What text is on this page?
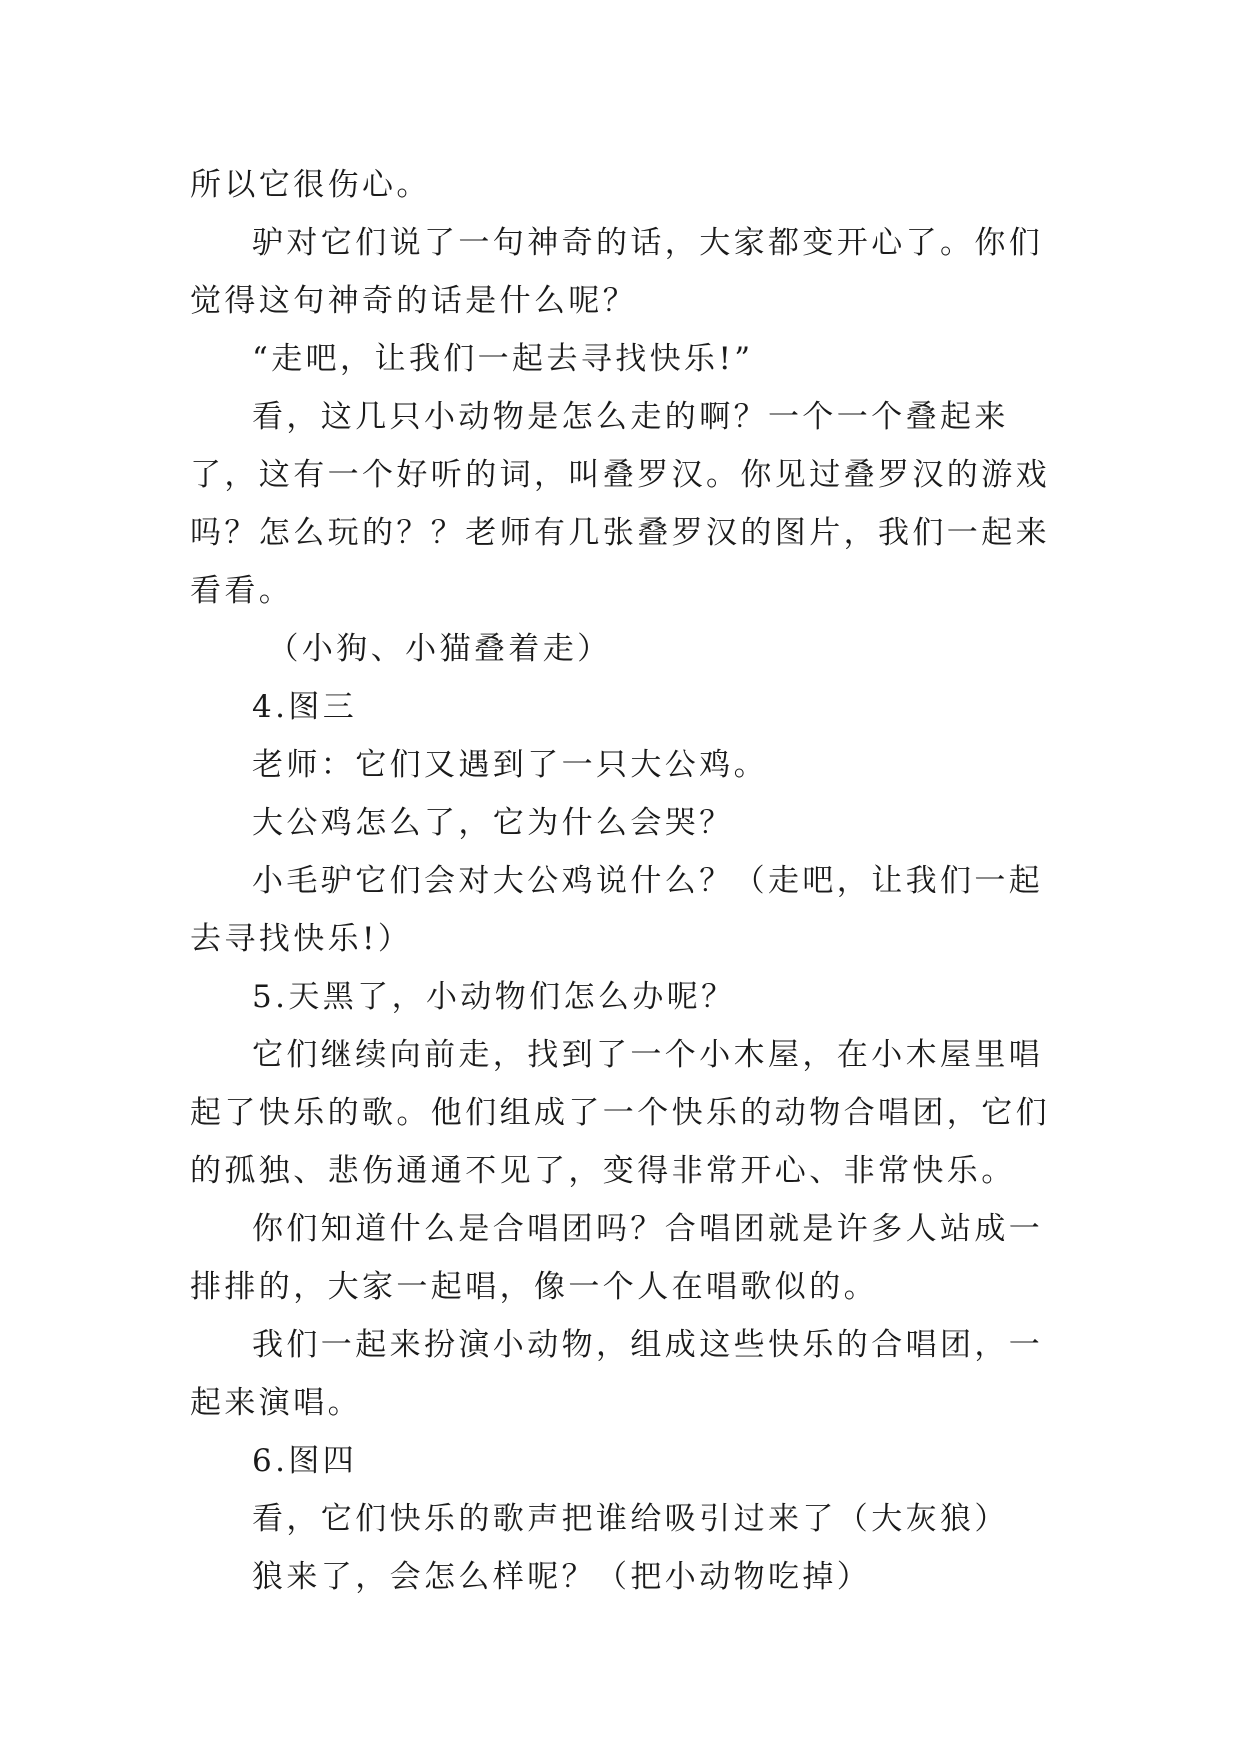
所以它很伤心。

驴对它们说了一句神奇的话，大家都变开心了。你们觉得这句神奇的话是什么呢？

“走吧，让我们一起去寻找快乐!”

看，这几只小动物是怎么走的啊？一个一个叠起来了，这有一个好听的词，叫叠罗汉。你见过叠罗汉的游戏吗？怎么玩的？？老师有几张叠罗汉的图片，我们一起来看看。

（小狗、小猫叠着走）

4.图三

老师：它们又遇到了一只大公鸡。

大公鸡怎么了，它为什么会哭？

小毛驴它们会对大公鸡说什么？（走吧，让我们一起去寻找快乐!）

5.天黑了，小动物们怎么办呢？

它们继续向前走，找到了一个小木屋，在小木屋里唱起了快乐的歌。他们组成了一个快乐的动物合唱团，它们的孤独、悲伤通通不见了，变得非常开心、非常快乐。

你们知道什么是合唱团吗？合唱团就是许多人站成一排排的，大家一起唱，像一个人在唱歌似的。

我们一起来扮演小动物，组成这些快乐的合唱团，一起来演唱。

6.图四

看，它们快乐的歌声把谁给吸引过来了（大灰狼）

狼来了，会怎么样呢？（把小动物吃掉）
